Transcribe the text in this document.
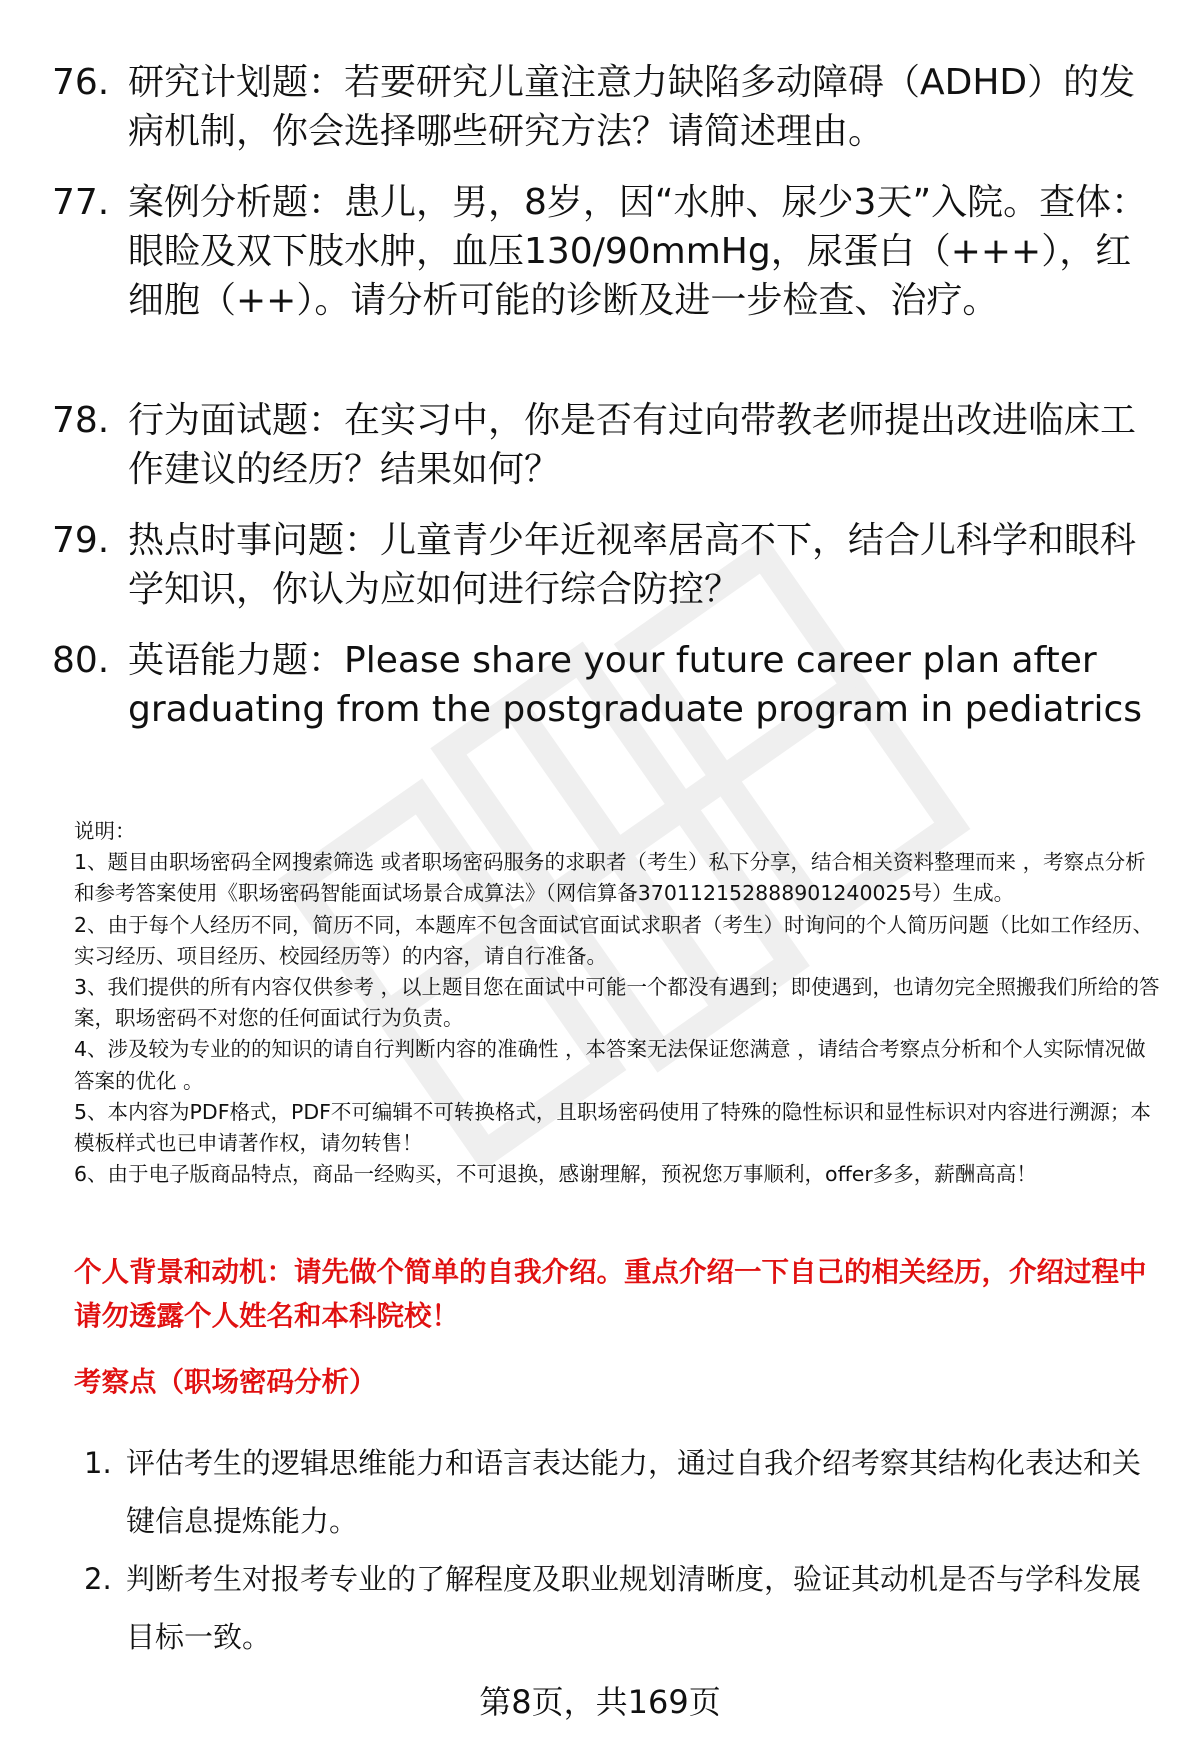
76. 研究计划题：若要研究儿童注意力缺陷多动障碍（ADHD）的发病机制，你会选择哪些研究方法？请简述理由。
77. 案例分析题：患儿，男，8岁，因“水肿、尿少3天”入院。查体：眼睑及双下肢水肿，血压130/90mmHg，尿蛋白（+++），红细胞（++）。请分析可能的诊断及进一步检查、治疗。
78. 行为面试题：在实习中，你是否有过向带教老师提出改进临床工作建议的经历？结果如何？
79. 热点时事问题：儿童青少年近视率居高不下，结合儿科学和眼科学知识，你认为应如何进行综合防控？
80. 英语能力题：Please share your future career plan after graduating from the postgraduate program in pediatrics

说明：

1、题目由职场密码全网搜索筛选 或者职场密码服务的求职者（考生）私下分享，结合相关资料整理而来 ，考察点分析和参考答案使用《职场密码智能面试场景合成算法》（网信算备370112152888901240025号）生成。

2、由于每个人经历不同，简历不同，本题库不包含面试官面试求职者（考生）时询问的个人简历问题（比如工作经历、实习经历、项目经历、校园经历等）的内容，请自行准备。

3、我们提供的所有内容仅供参考 ，以上题目您在面试中可能一个都没有遇到；即使遇到，也请勿完全照搬我们所给的答案，职场密码不对您的任何面试行为负责。

4、涉及较为专业的的知识的请自行判断内容的准确性 ，本答案无法保证您满意 ，请结合考察点分析和个人实际情况做答案的优化 。

5、本内容为PDF格式，PDF不可编辑不可转换格式，且职场密码使用了特殊的隐性标识和显性标识对内容进行溯源；本模板样式也已申请著作权，请勿转售！

6、由于电子版商品特点，商品一经购买，不可退换，感谢理解，预祝您万事顺利，offer多多，薪酬高高！

个人背景和动机：请先做个简单的自我介绍。重点介绍一下自己的相关经历，介绍过程中请勿透露个人姓名和本科院校！
考察点（职场密码分析）
1. 评估考生的逻辑思维能力和语言表达能力，通过自我介绍考察其结构化表达和关键信息提炼能力。
2. 判断考生对报考专业的了解程度及职业规划清晰度，验证其动机是否与学科发展目标一致。
第8页，共169页
